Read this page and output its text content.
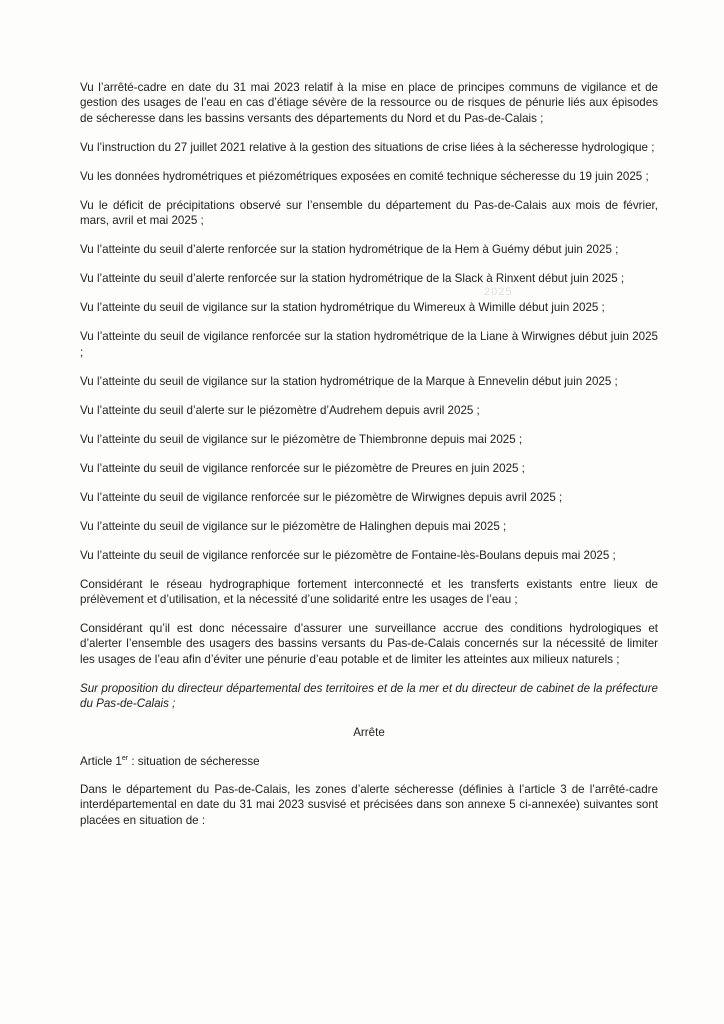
2025

Vu l’arrêté-cadre en date du 31 mai 2023 relatif à la mise en place de principes communs de vigilance et de gestion des usages de l’eau en cas d’étiage sévère de la ressource ou de risques de pénurie liés aux épisodes de sécheresse dans les bassins versants des départements du Nord et du Pas-de-Calais ;

Vu l’instruction du 27 juillet 2021 relative à la gestion des situations de crise liées à la sécheresse hydrologique ;

Vu les données hydrométriques et piézométriques exposées en comité technique sécheresse du 19 juin 2025 ;

Vu le déficit de précipitations observé sur l’ensemble du département du Pas-de-Calais aux mois de février, mars, avril et mai 2025 ;

Vu l’atteinte du seuil d’alerte renforcée sur la station hydrométrique de la Hem à Guémy début juin 2025 ;

Vu l’atteinte du seuil d’alerte renforcée sur la station hydrométrique de la Slack à Rinxent début juin 2025 ;

Vu l’atteinte du seuil de vigilance sur la station hydrométrique du Wimereux à Wimille début juin 2025 ;

Vu l’atteinte du seuil de vigilance renforcée sur la station hydrométrique de la Liane à Wirwignes début juin 2025 ;

Vu l’atteinte du seuil de vigilance sur la station hydrométrique de la Marque à Ennevelin début juin 2025 ;

Vu l’atteinte du seuil d’alerte sur le piézomètre d’Audrehem depuis avril 2025 ;

Vu l’atteinte du seuil de vigilance sur le piézomètre de Thiembronne depuis mai 2025 ;

Vu l’atteinte du seuil de vigilance renforcée sur le piézomètre de Preures en juin 2025 ;

Vu l’atteinte du seuil de vigilance renforcée sur le piézomètre de Wirwignes depuis avril 2025 ;

Vu l’atteinte du seuil de vigilance sur le piézomètre de Halinghen depuis mai 2025 ;

Vu l’atteinte du seuil de vigilance renforcée sur le piézomètre de Fontaine-lès-Boulans depuis mai 2025 ;

Considérant le réseau hydrographique fortement interconnecté et les transferts existants entre lieux de prélèvement et d’utilisation, et la nécessité d’une solidarité entre les usages de l’eau ;

Considérant qu’il est donc nécessaire d’assurer une surveillance accrue des conditions hydrologiques et d’alerter l’ensemble des usagers des bassins versants du Pas-de-Calais concernés sur la nécessité de limiter les usages de l’eau afin d’éviter une pénurie d’eau potable et de limiter les atteintes aux milieux naturels ;

Sur proposition du directeur départemental des territoires et de la mer et du directeur de cabinet de la préfecture du Pas-de-Calais ;

Arrête
Article 1er : situation de sécheresse

Dans le département du Pas-de-Calais, les zones d’alerte sécheresse (définies à l’article 3 de l’arrêté-cadre interdépartemental en date du 31 mai 2023 susvisé et précisées dans son annexe 5 ci-annexée) suivantes sont placées en situation de :
